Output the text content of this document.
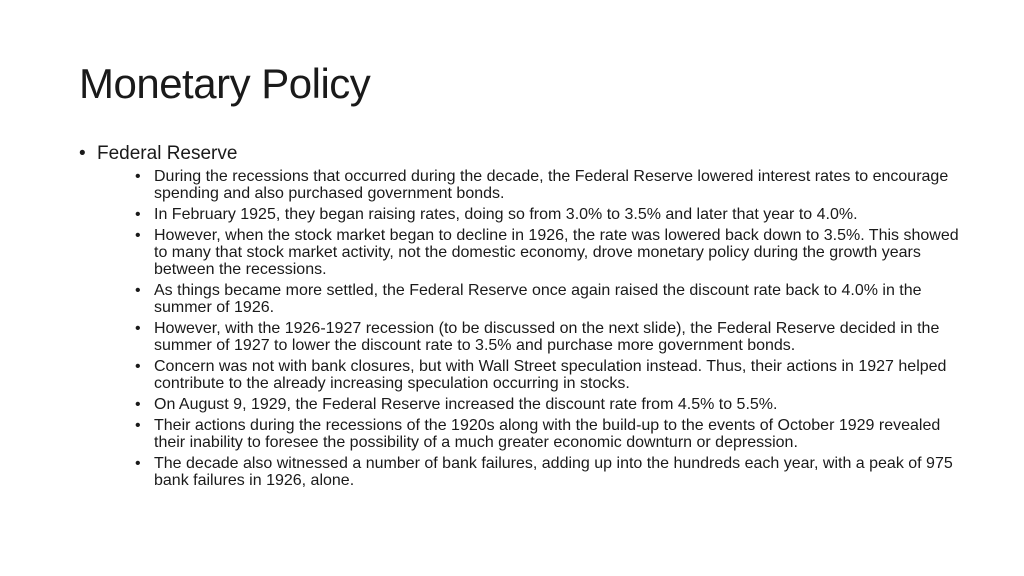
Monetary Policy
• Federal Reserve
• During the recessions that occurred during the decade, the Federal Reserve lowered interest rates to encourage spending and also purchased government bonds.
• In February 1925, they began raising rates, doing so from 3.0% to 3.5% and later that year to 4.0%.
• However, when the stock market began to decline in 1926, the rate was lowered back down to 3.5%. This showed to many that stock market activity, not the domestic economy, drove monetary policy during the growth years between the recessions.
• As things became more settled, the Federal Reserve once again raised the discount rate back to 4.0% in the summer of 1926.
• However, with the 1926-1927 recession (to be discussed on the next slide), the Federal Reserve decided in the summer of 1927 to lower the discount rate to 3.5% and purchase more government bonds.
• Concern was not with bank closures, but with Wall Street speculation instead. Thus, their actions in 1927 helped contribute to the already increasing speculation occurring in stocks.
• On August 9, 1929, the Federal Reserve increased the discount rate from 4.5% to 5.5%.
• Their actions during the recessions of the 1920s along with the build-up to the events of October 1929 revealed their inability to foresee the possibility of a much greater economic downturn or depression.
• The decade also witnessed a number of bank failures, adding up into the hundreds each year, with a peak of 975 bank failures in 1926, alone.
